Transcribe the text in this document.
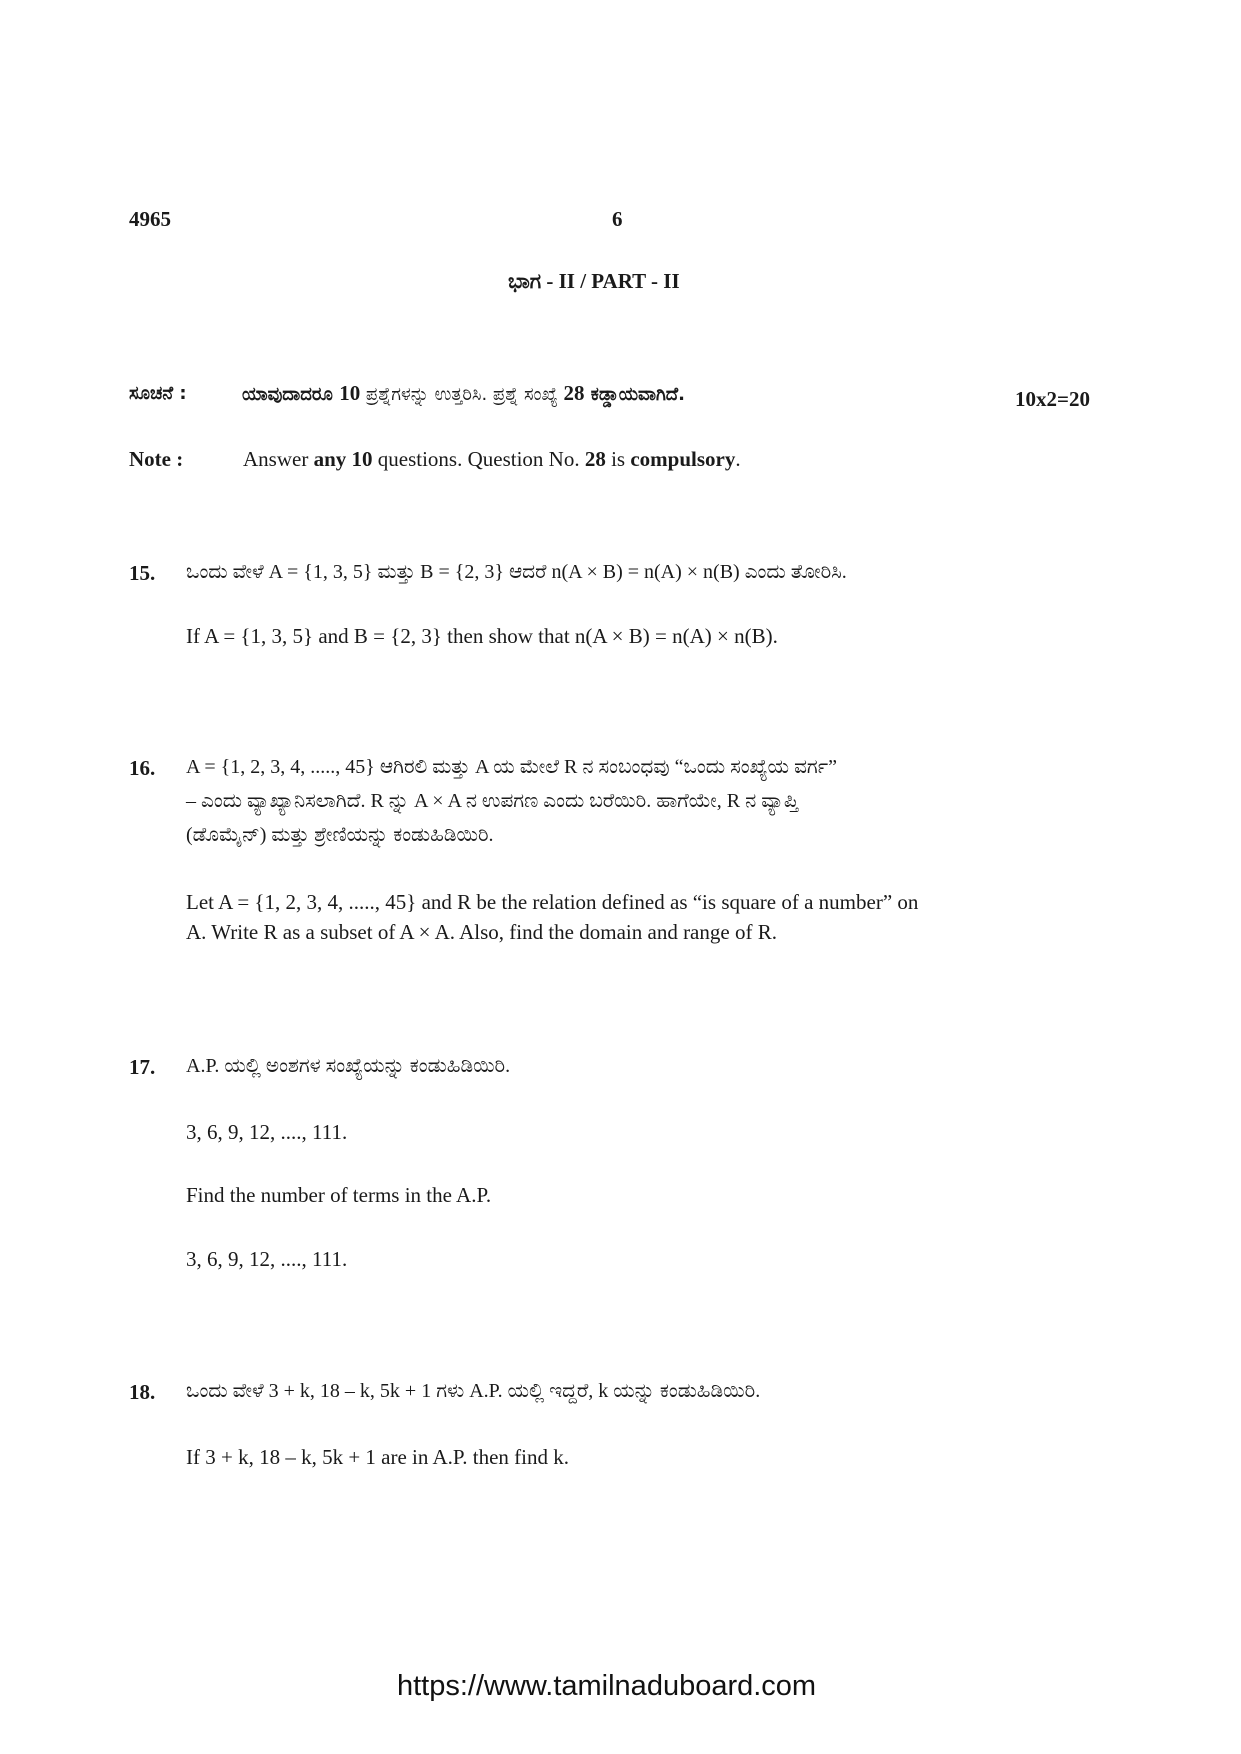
4965	6
ಭಾಗ - II / PART - II
ಸೂಚನೆ :	ಯಾವುದಾದರೂ 10 ಪ್ರಶ್ನೆಗಳನ್ನು ಉತ್ತರಿಸಿ. ಪ್ರಶ್ನೆ ಸಂಖ್ಯೆ 28 ಕಡ್ಡಾಯವಾಗಿದೆ.	10x2=20
Note :	Answer any 10 questions. Question No. 28 is compulsory.
15. ಒಂದು ವೇಳೆ A = {1, 3, 5} ಮತ್ತು B = {2, 3} ಆದರೆ n(A × B) = n(A) × n(B) ಎಂದು ತೋರಿಸಿ.
If A = {1, 3, 5} and B = {2, 3} then show that n(A × B) = n(A) × n(B).
16. A = {1, 2, 3, 4, ....., 45} ಆಗಿರಲಿ ಮತ್ತು A ಯ ಮೇಲೆ R ನ ಸಂಬಂಧವು “ಒಂದು ಸಂಖ್ಯೆಯ ವರ್ಗ”
– ಎಂದು ವ್ಯಾಖ್ಯಾನಿಸಲಾಗಿದೆ. R ನ್ನು A × A ನ ಉಪಗಣ ಎಂದು ಬರೆಯಿರಿ. ಹಾಗೆಯೇ, R ನ ವ್ಯಾಪ್ತಿ
(ಡೊಮೈನ್) ಮತ್ತು ಶ್ರೇಣಿಯನ್ನು ಕಂಡುಹಿಡಿಯಿರಿ.
Let A = {1, 2, 3, 4, ....., 45} and R be the relation defined as “is square of a number” on
A. Write R as a subset of A × A. Also, find the domain and range of R.
17. A.P. ಯಲ್ಲಿ ಅಂಶಗಳ ಸಂಖ್ಯೆಯನ್ನು ಕಂಡುಹಿಡಿಯಿರಿ.
3, 6, 9, 12, ...., 111.
Find the number of terms in the A.P.
3, 6, 9, 12, ...., 111.
18. ಒಂದು ವೇಳೆ 3 + k, 18 – k, 5k + 1 ಗಳು A.P. ಯಲ್ಲಿ ಇದ್ದರೆ, k ಯನ್ನು ಕಂಡುಹಿಡಿಯಿರಿ.
If 3 + k, 18 – k, 5k + 1 are in A.P. then find k.
https://www.tamilnaduboard.com
